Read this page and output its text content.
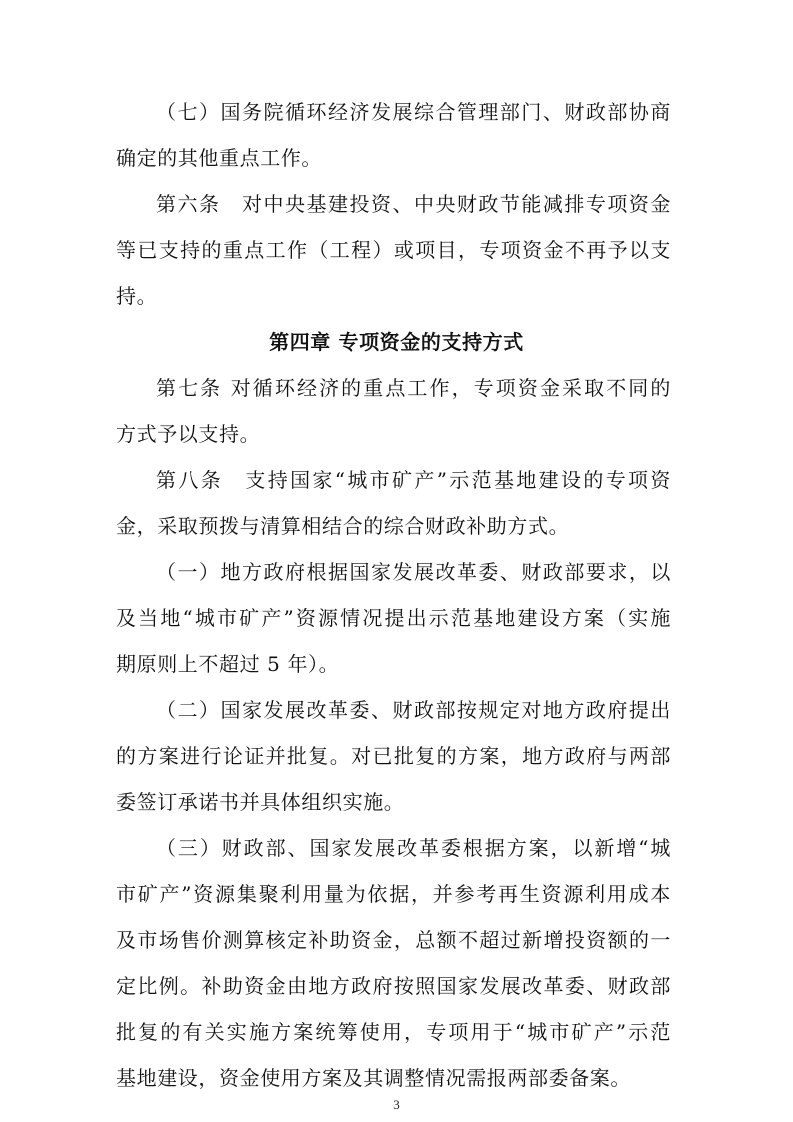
（七）国务院循环经济发展综合管理部门、财政部协商
确定的其他重点工作。
第六条　对中央基建投资、中央财政节能减排专项资金
等已支持的重点工作（工程）或项目，专项资金不再予以支
持。
第四章 专项资金的支持方式
第七条 对循环经济的重点工作，专项资金采取不同的
方式予以支持。
第八条　支持国家“城市矿产”示范基地建设的专项资
金，采取预拨与清算相结合的综合财政补助方式。
（一）地方政府根据国家发展改革委、财政部要求，以
及当地“城市矿产”资源情况提出示范基地建设方案（实施
期原则上不超过 5 年）。
（二）国家发展改革委、财政部按规定对地方政府提出
的方案进行论证并批复。对已批复的方案，地方政府与两部
委签订承诺书并具体组织实施。
（三）财政部、国家发展改革委根据方案，以新增“城
市矿产”资源集聚利用量为依据，并参考再生资源利用成本
及市场售价测算核定补助资金，总额不超过新增投资额的一
定比例。补助资金由地方政府按照国家发展改革委、财政部
批复的有关实施方案统筹使用，专项用于“城市矿产”示范
基地建设，资金使用方案及其调整情况需报两部委备案。
3
